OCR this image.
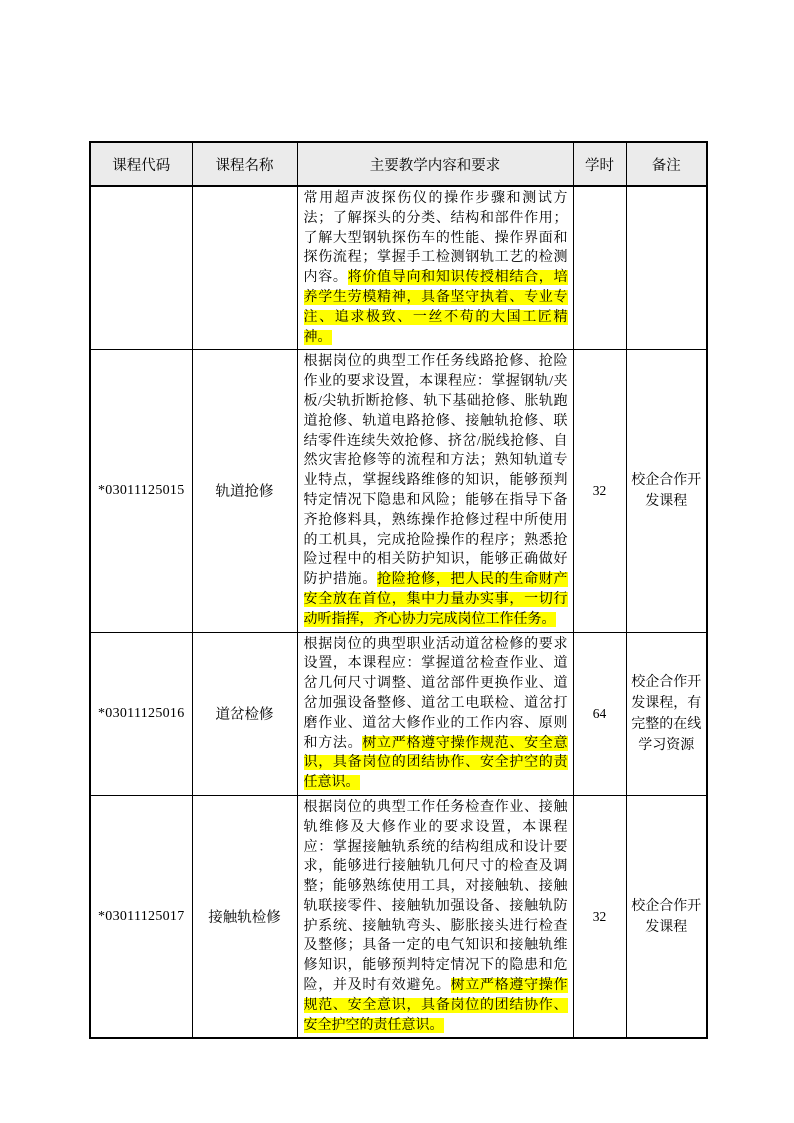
课程代码	课程名称	主要教学内容和要求	学时	备注
		常用超声波探伤仪的操作步骤和测试方法；了解探头的分类、结构和部件作用；了解大型钢轨探伤车的性能、操作界面和探伤流程；掌握手工检测钢轨工艺的检测内容。将价值导向和知识传授相结合，培养学生劳模精神，具备坚守执着、专业专注、追求极致、一丝不苟的大国工匠精神。		
*03011125015	轨道抢修	根据岗位的典型工作任务线路抢修、抢险作业的要求设置，本课程应：掌握钢轨/夹板/尖轨折断抢修、轨下基础抢修、胀轨跑道抢修、轨道电路抢修、接触轨抢修、联结零件连续失效抢修、挤岔/脱线抢修、自然灾害抢修等的流程和方法；熟知轨道专业特点，掌握线路维修的知识，能够预判特定情况下隐患和风险；能够在指导下备齐抢修料具，熟练操作抢修过程中所使用的工机具，完成抢险操作的程序；熟悉抢险过程中的相关防护知识，能够正确做好防护措施。抢险抢修，把人民的生命财产安全放在首位，集中力量办实事，一切行动听指挥，齐心协力完成岗位工作任务。	32	校企合作开发课程
*03011125016	道岔检修	根据岗位的典型职业活动道岔检修的要求设置，本课程应：掌握道岔检查作业、道岔几何尺寸调整、道岔部件更换作业、道岔加强设备整修、道岔工电联检、道岔打磨作业、道岔大修作业的工作内容、原则和方法。树立严格遵守操作规范、安全意识，具备岗位的团结协作、安全护空的责任意识。	64	校企合作开发课程，有完整的在线学习资源
*03011125017	接触轨检修	根据岗位的典型工作任务检查作业、接触轨维修及大修作业的要求设置，本课程应：掌握接触轨系统的结构组成和设计要求，能够进行接触轨几何尺寸的检查及调整；能够熟练使用工具，对接触轨、接触轨联接零件、接触轨加强设备、接触轨防护系统、接触轨弯头、膨胀接头进行检查及整修；具备一定的电气知识和接触轨维修知识，能够预判特定情况下的隐患和危险，并及时有效避免。树立严格遵守操作规范、安全意识，具备岗位的团结协作、安全护空的责任意识。	32	校企合作开发课程
